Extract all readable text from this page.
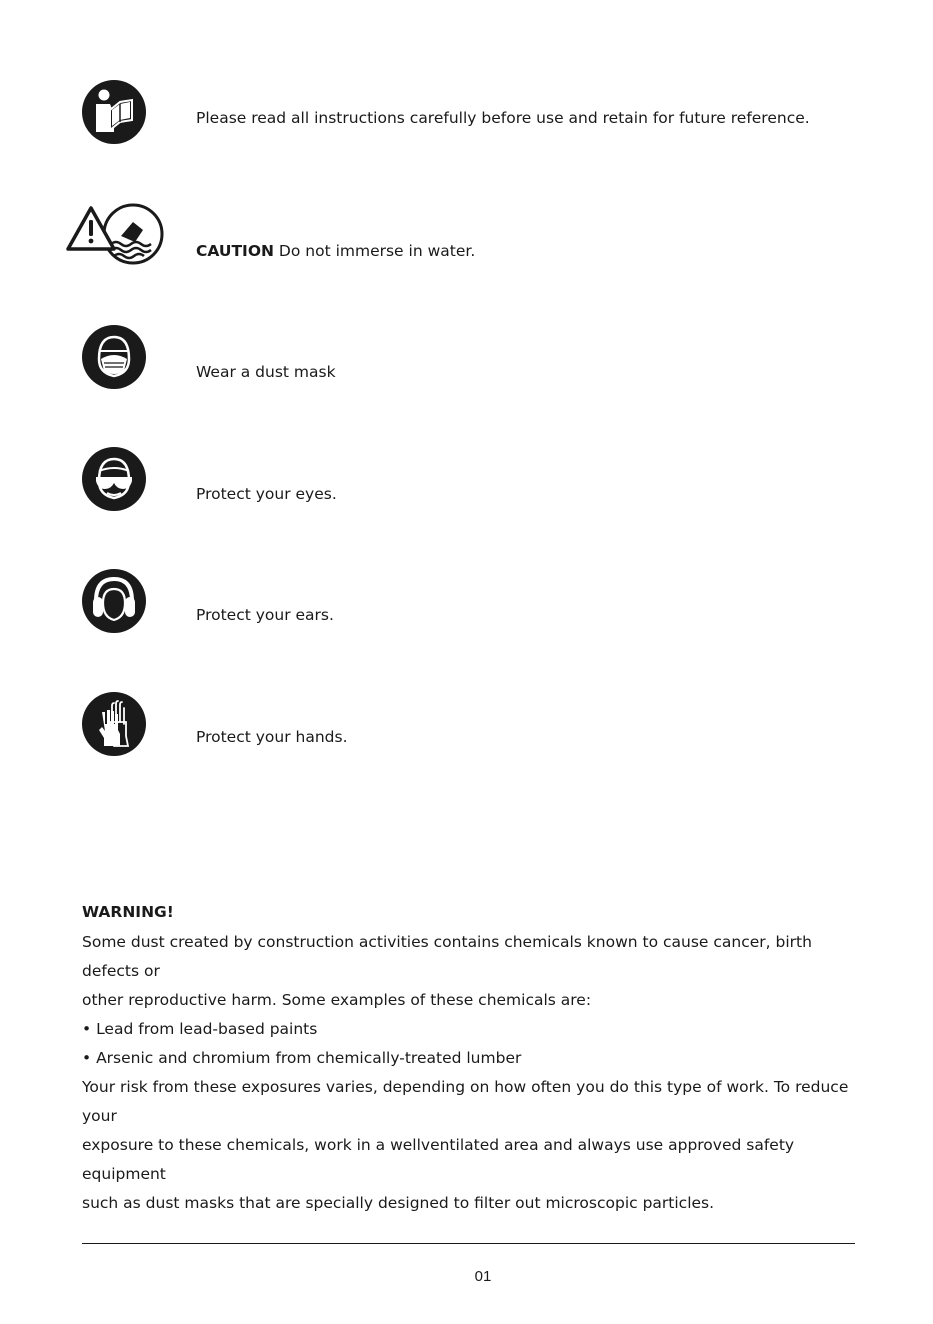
Please read all instructions carefully before use and retain for future reference.
CAUTION Do not immerse in water.
Wear a dust mask
Protect your eyes.
Protect your ears.
Protect your hands.
WARNING!

Some dust created by construction activities contains chemicals known to cause cancer, birth defects or

other reproductive harm. Some examples of these chemicals are:

• Lead from lead-based paints

• Arsenic and chromium from chemically-treated lumber

Your risk from these exposures varies, depending on how often you do this type of work. To reduce your

exposure to these chemicals, work in a wellventilated area and always use approved safety equipment

such as dust masks that are specially designed to filter out microscopic particles.

01
